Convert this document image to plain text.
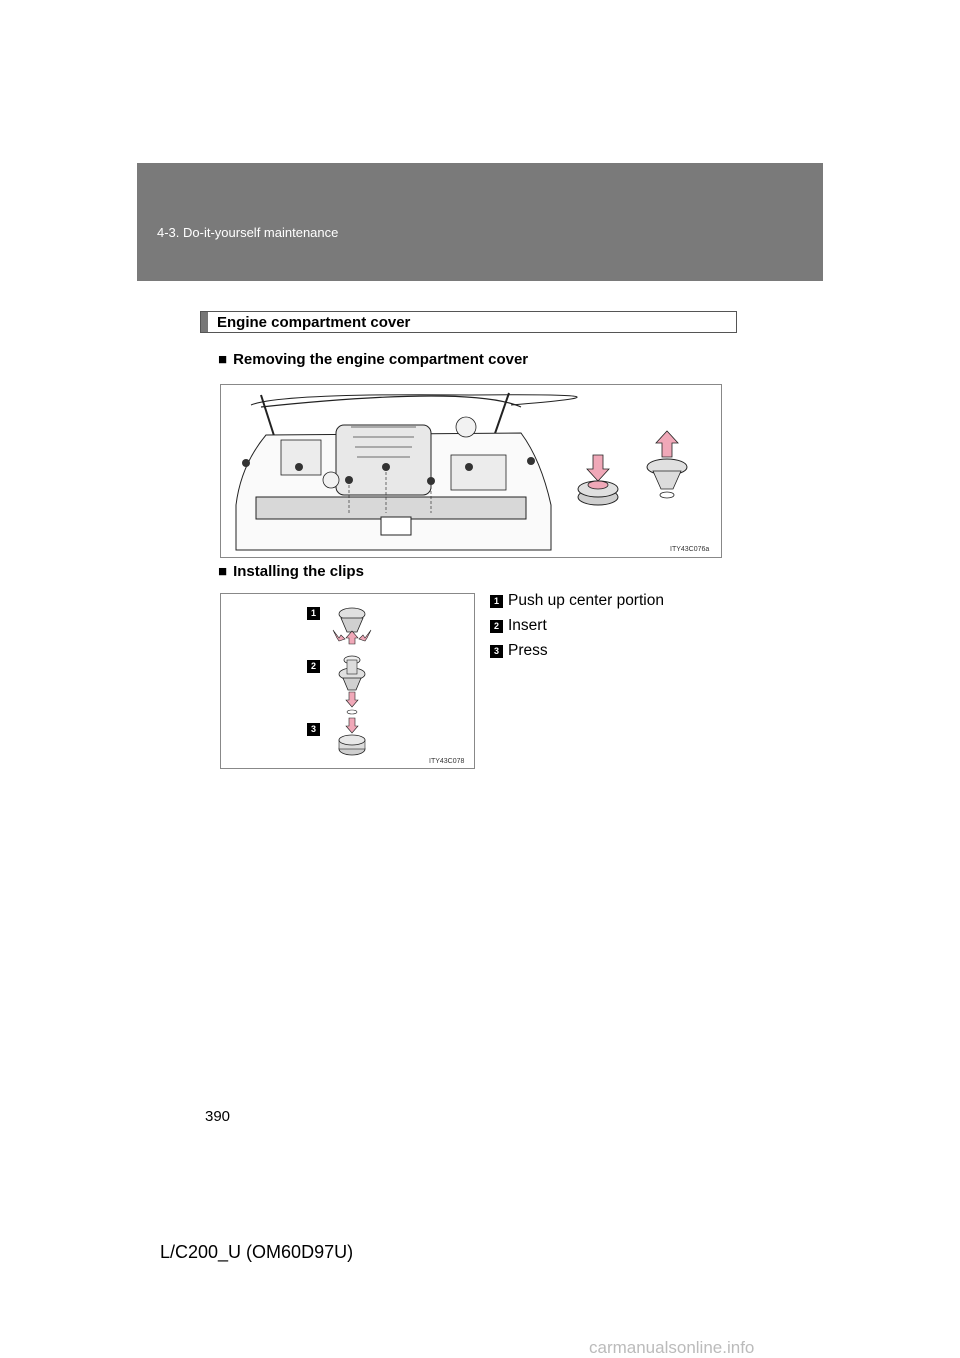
4-3. Do-it-yourself maintenance
Engine compartment cover
■ Removing the engine compartment cover
ITY43C076a
■ Installing the clips
1
2
3
ITY43C078
1 Push up center portion
2 Insert
3 Press
390
L/C200_U (OM60D97U)
carmanualsonline.info
